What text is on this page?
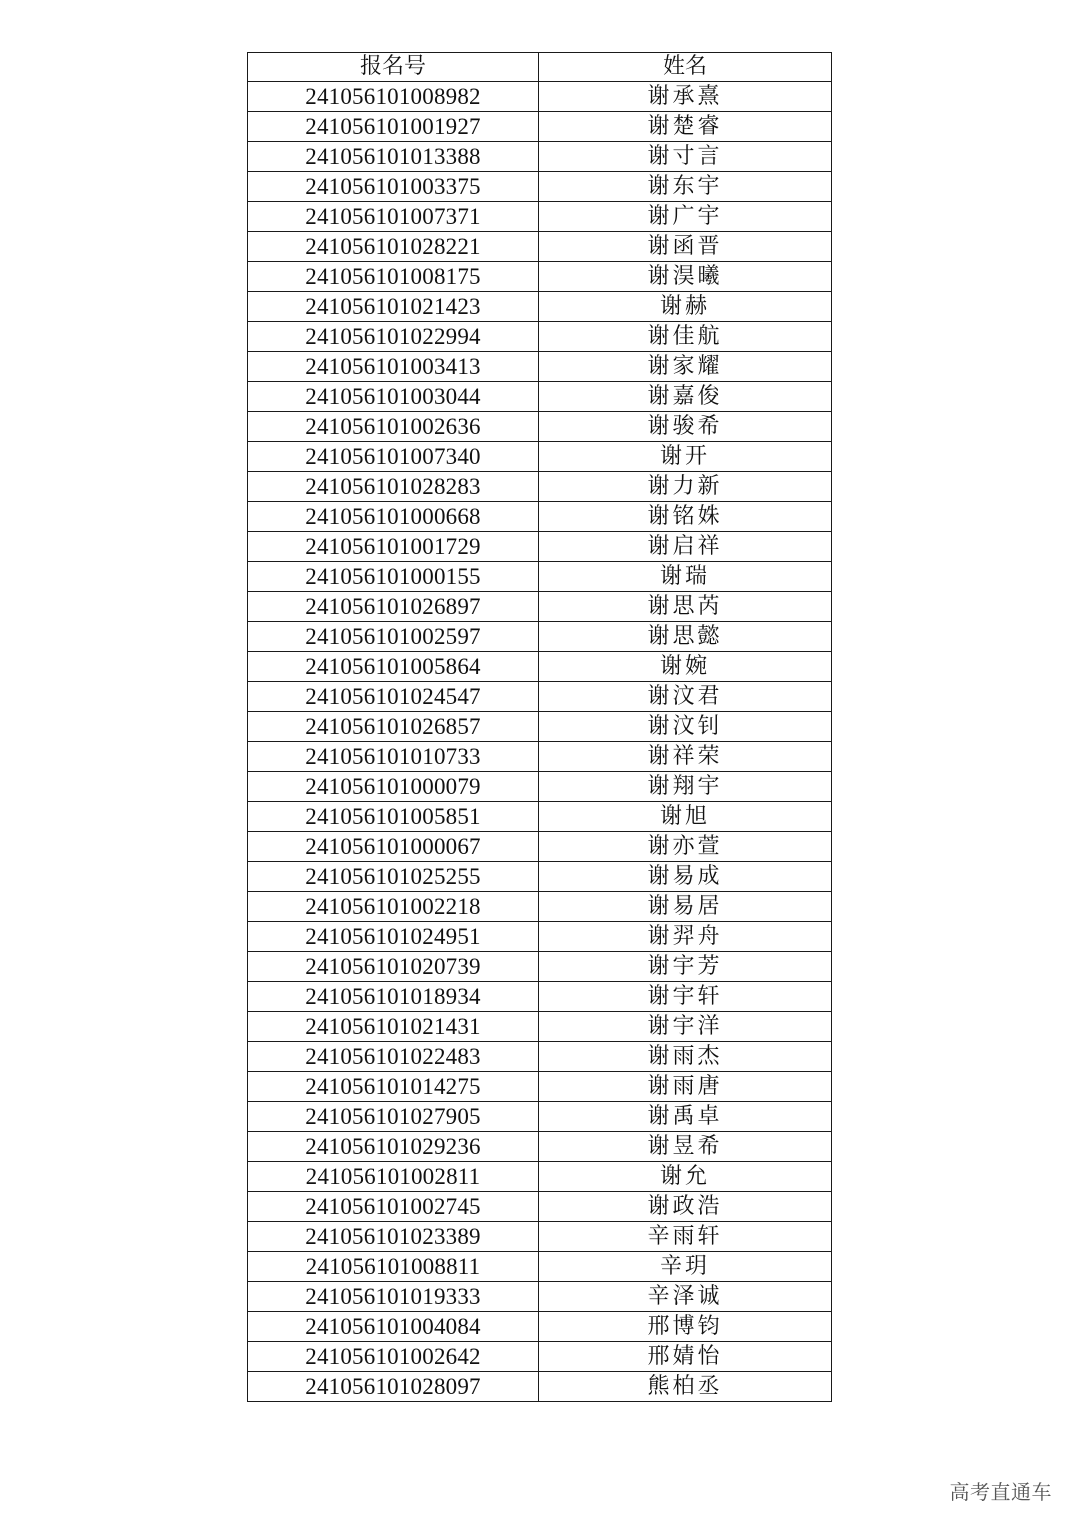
报名号	姓名
241056101008982	谢承熹
241056101001927	谢楚睿
241056101013388	谢寸言
241056101003375	谢东宇
241056101007371	谢广宇
241056101028221	谢函晋
241056101008175	谢淏曦
241056101021423	谢赫
241056101022994	谢佳航
241056101003413	谢家耀
241056101003044	谢嘉俊
241056101002636	谢骏希
241056101007340	谢开
241056101028283	谢力新
241056101000668	谢铭姝
241056101001729	谢启祥
241056101000155	谢瑞
241056101026897	谢思芮
241056101002597	谢思懿
241056101005864	谢婉
241056101024547	谢汶君
241056101026857	谢汶钊
241056101010733	谢祥荣
241056101000079	谢翔宇
241056101005851	谢旭
241056101000067	谢亦萱
241056101025255	谢易成
241056101002218	谢易居
241056101024951	谢羿舟
241056101020739	谢宇芳
241056101018934	谢宇轩
241056101021431	谢宇洋
241056101022483	谢雨杰
241056101014275	谢雨唐
241056101027905	谢禹卓
241056101029236	谢昱希
241056101002811	谢允
241056101002745	谢政浩
241056101023389	辛雨轩
241056101008811	辛玥
241056101019333	辛泽诚
241056101004084	邢博钧
241056101002642	邢婧怡
241056101028097	熊柏丞
高考直通车
